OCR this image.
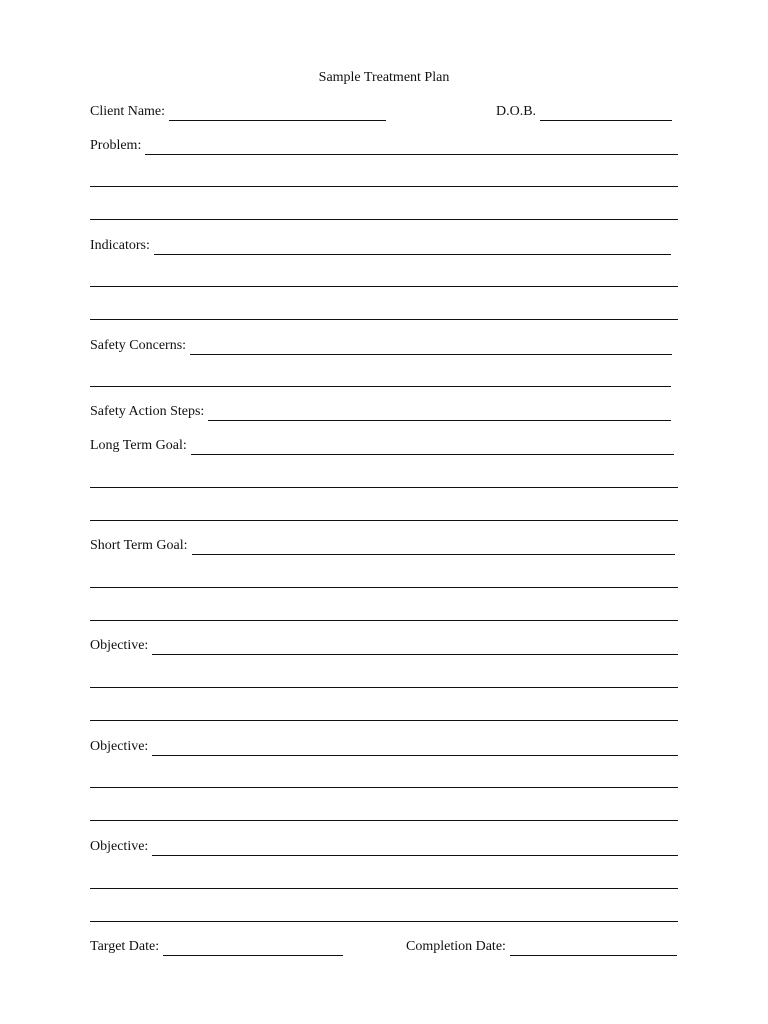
Sample Treatment Plan
Client Name:	D.O.B.
Problem:
Indicators:
Safety Concerns:
Safety Action Steps:
Long Term Goal:
Short Term Goal:
Objective:
Objective:
Objective:
Target Date:	Completion Date:
